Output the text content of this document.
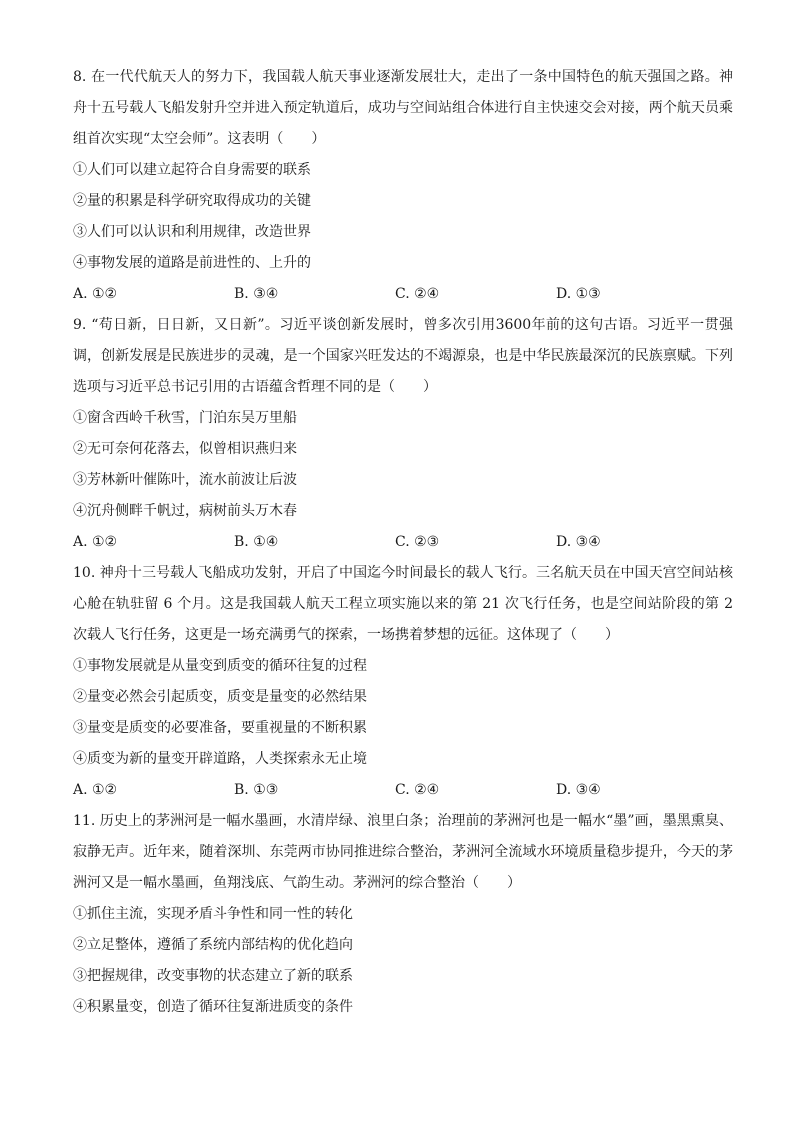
8. 在一代代航天人的努力下，我国载人航天事业逐渐发展壮大，走出了一条中国特色的航天强国之路。神舟十五号载人飞船发射升空并进入预定轨道后，成功与空间站组合体进行自主快速交会对接，两个航天员乘组首次实现“太空会师”。这表明（　　）

①人们可以建立起符合自身需要的联系

②量的积累是科学研究取得成功的关键

③人们可以认识和利用规律，改造世界

④事物发展的道路是前进性的、上升的

A. ①②	B. ③④	C. ②④	D. ①③

9. “苟日新，日日新，又日新”。习近平谈创新发展时，曾多次引用3600年前的这句古语。习近平一贯强调，创新发展是民族进步的灵魂，是一个国家兴旺发达的不竭源泉，也是中华民族最深沉的民族禀赋。下列选项与习近平总书记引用的古语蕴含哲理不同的是（　　）

①窗含西岭千秋雪，门泊东吴万里船

②无可奈何花落去，似曾相识燕归来

③芳林新叶催陈叶，流水前波让后波

④沉舟侧畔千帆过，病树前头万木春

A. ①②	B. ①④	C. ②③	D. ③④

10. 神舟十三号载人飞船成功发射，开启了中国迄今时间最长的载人飞行。三名航天员在中国天宫空间站核心舱在轨驻留 6 个月。这是我国载人航天工程立项实施以来的第 21 次飞行任务，也是空间站阶段的第 2 次载人飞行任务，这更是一场充满勇气的探索，一场携着梦想的远征。这体现了（　　）

①事物发展就是从量变到质变的循环往复的过程

②量变必然会引起质变，质变是量变的必然结果

③量变是质变的必要准备，要重视量的不断积累

④质变为新的量变开辟道路，人类探索永无止境

A. ①②	B. ①③	C. ②④	D. ③④

11. 历史上的茅洲河是一幅水墨画，水清岸绿、浪里白条；治理前的茅洲河也是一幅水“墨”画，墨黑熏臭、寂静无声。近年来，随着深圳、东莞两市协同推进综合整治，茅洲河全流域水环境质量稳步提升，今天的茅洲河又是一幅水墨画，鱼翔浅底、气韵生动。茅洲河的综合整治（　　）

①抓住主流，实现矛盾斗争性和同一性的转化

②立足整体，遵循了系统内部结构的优化趋向

③把握规律，改变事物的状态建立了新的联系

④积累量变，创造了循环往复渐进质变的条件
